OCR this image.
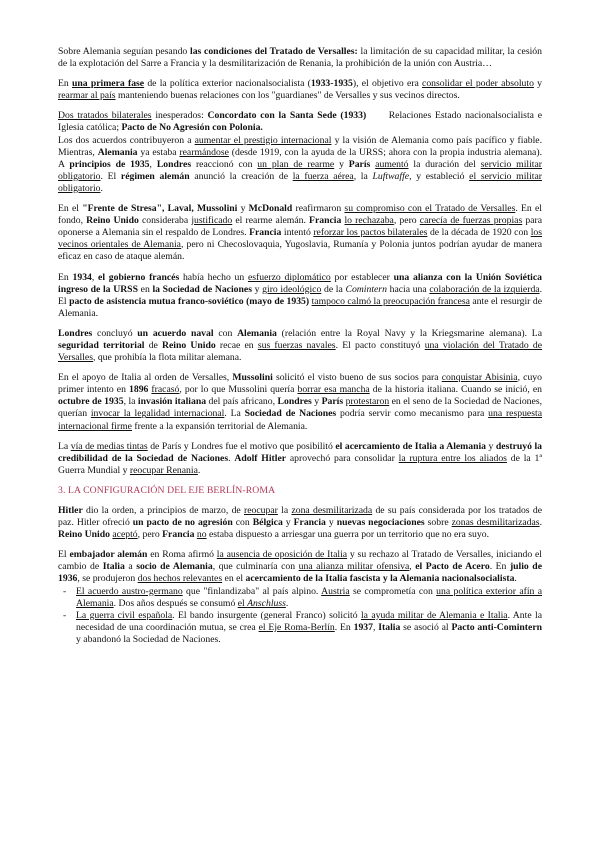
Sobre Alemania seguían pesando las condiciones del Tratado de Versalles: la limitación de su capacidad militar, la cesión de la explotación del Sarre a Francia y la desmilitarización de Renania, la prohibición de la unión con Austria…

En una primera fase de la política exterior nacionalsocialista (1933-1935), el objetivo era consolidar el poder absoluto y rearmar al país manteniendo buenas relaciones con los "guardianes" de Versalles y sus vecinos directos.

Dos tratados bilaterales inesperados: Concordato con la Santa Sede (1933)      Relaciones Estado nacionalsocialista e Iglesia católica; Pacto de No Agresión con Polonia.

Los dos acuerdos contribuyeron a aumentar el prestigio internacional y la visión de Alemania como país pacífico y fiable. Mientras, Alemania ya estaba rearmándose (desde 1919, con la ayuda de la URSS; ahora con la propia industria alemana). A principios de 1935, Londres reaccionó con un plan de rearme y París aumentó la duración del servicio militar obligatorio. El régimen alemán anunció la creación de la fuerza aérea, la Luftwaffe, y estableció el servicio militar obligatorio.

En el "Frente de Stresa", Laval, Mussolini y McDonald reafirmaron su compromiso con el Tratado de Versalles. En el fondo, Reino Unido consideraba justificado el rearme alemán. Francia lo rechazaba, pero carecía de fuerzas propias para oponerse a Alemania sin el respaldo de Londres. Francia intentó reforzar los pactos bilaterales de la década de 1920 con los vecinos orientales de Alemania, pero ni Checoslovaquia, Yugoslavia, Rumanía y Polonia juntos podrían ayudar de manera eficaz en caso de ataque alemán.

En 1934, el gobierno francés había hecho un esfuerzo diplomático por establecer una alianza con la Unión Soviética    ingreso de la URSS en la Sociedad de Naciones y giro ideológico de la Comintern hacia una colaboración de la izquierda. El pacto de asistencia mutua franco-soviético (mayo de 1935) tampoco calmó la preocupación francesa ante el resurgir de Alemania.

Londres concluyó un acuerdo naval con Alemania (relación entre la Royal Navy y la Kriegsmarine alemana). La seguridad territorial de Reino Unido recae en sus fuerzas navales. El pacto constituyó una violación del Tratado de Versalles, que prohibía la flota militar alemana.

En el apoyo de Italia al orden de Versalles, Mussolini solicitó el visto bueno de sus socios para conquistar Abisinia, cuyo primer intento en 1896 fracasó, por lo que Mussolini quería borrar esa mancha de la historia italiana. Cuando se inició, en octubre de 1935, la invasión italiana del país africano, Londres y París protestaron en el seno de la Sociedad de Naciones, querían invocar la legalidad internacional. La Sociedad de Naciones podría servir como mecanismo para una respuesta internacional firme frente a la expansión territorial de Alemania.

La vía de medias tintas de París y Londres fue el motivo que posibilitó el acercamiento de Italia a Alemania y destruyó la credibilidad de la Sociedad de Naciones. Adolf Hitler aprovechó para consolidar la ruptura entre los aliados de la 1ª Guerra Mundial y reocupar Renania.

3. LA CONFIGURACIÓN DEL EJE BERLÍN-ROMA

Hitler dio la orden, a principios de marzo, de reocupar la zona desmilitarizada de su país considerada por los tratados de paz. Hitler ofreció un pacto de no agresión con Bélgica y Francia y nuevas negociaciones sobre zonas desmilitarizadas. Reino Unido aceptó, pero Francia no estaba dispuesto a arriesgar una guerra por un territorio que no era suyo.

El embajador alemán en Roma afirmó la ausencia de oposición de Italia y su rechazo al Tratado de Versalles, iniciando el cambio de Italia a socio de Alemania, que culminaría con una alianza militar ofensiva, el Pacto de Acero. En julio de 1936, se produjeron dos hechos relevantes en el acercamiento de la Italia fascista y la Alemania nacionalsocialista.

- El acuerdo austro-germano que "finlandizaba" al país alpino. Austria se comprometía con una política exterior afín a Alemania. Dos años después se consumó el Anschluss.
- La guerra civil española. El bando insurgente (general Franco) solicitó la ayuda militar de Alemania e Italia. Ante la necesidad de una coordinación mutua, se crea el Eje Roma-Berlín. En 1937, Italia se asoció al Pacto anti-Comintern y abandonó la Sociedad de Naciones.
